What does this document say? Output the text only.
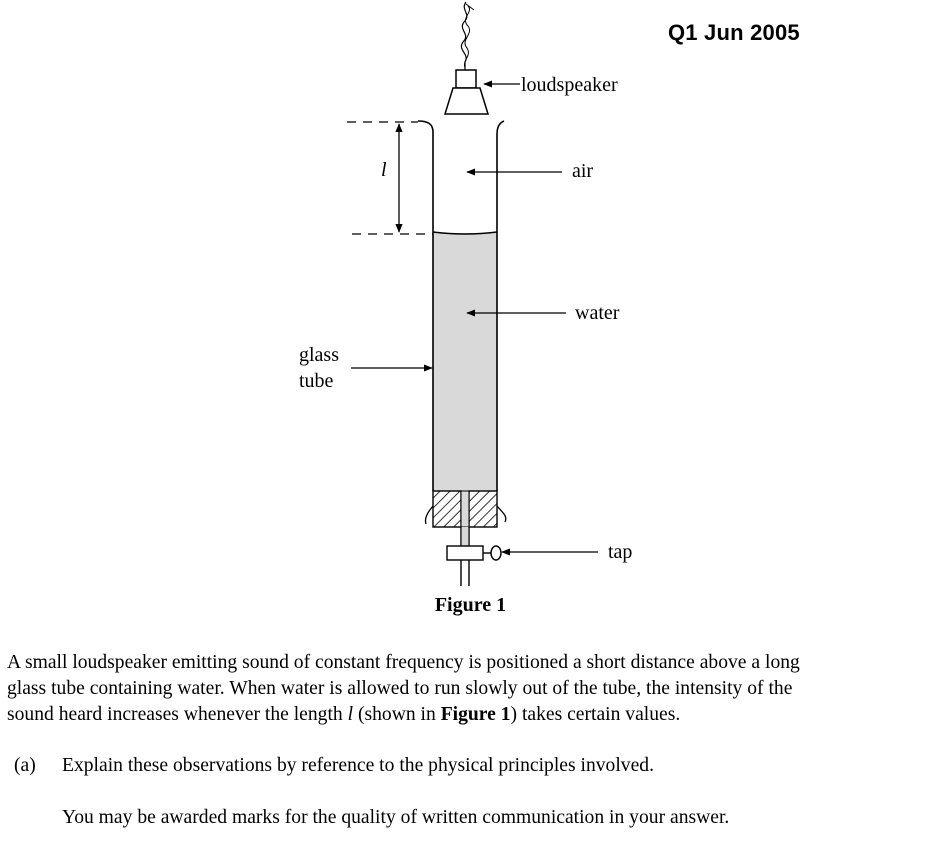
Q1 Jun 2005
loudspeaker
l	air
water
glass
tube
tap
Figure 1
A small loudspeaker emitting sound of constant frequency is positioned a short distance above a long
glass tube containing water. When water is allowed to run slowly out of the tube, the intensity of the
sound heard increases whenever the length l (shown in Figure 1) takes certain values.
(a) Explain these observations by reference to the physical principles involved.
You may be awarded marks for the quality of written communication in your answer.
